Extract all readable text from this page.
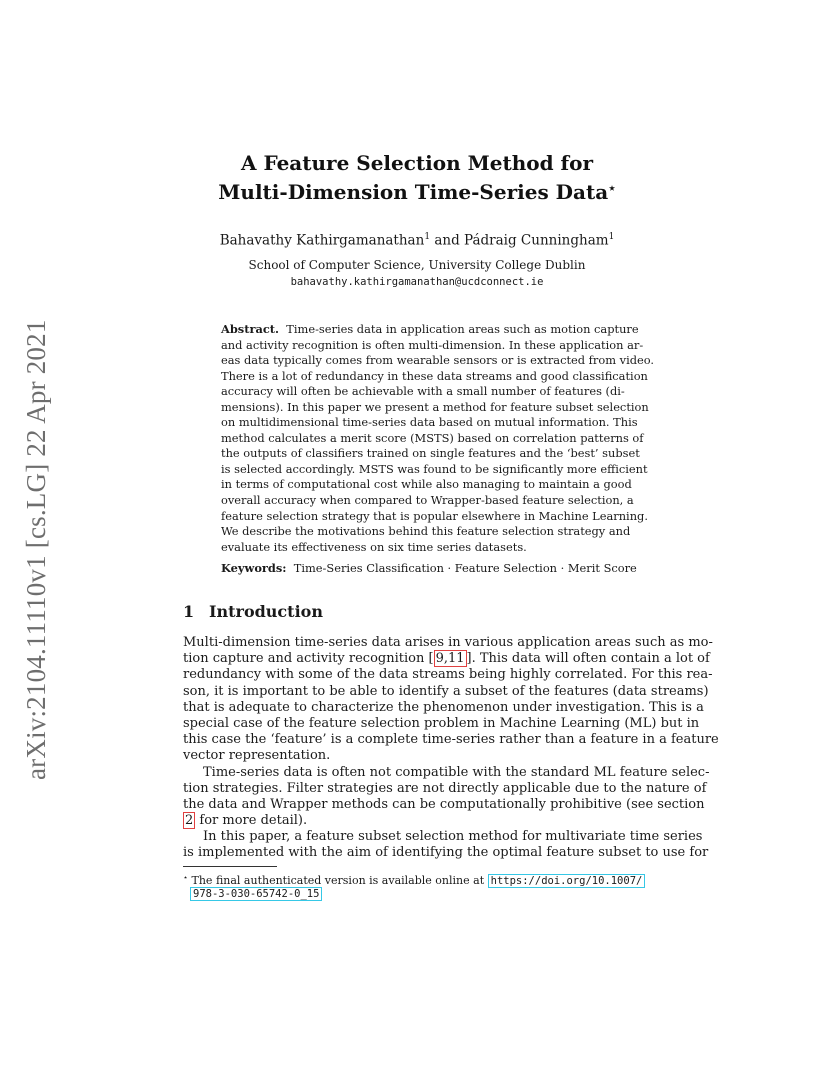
arXiv:2104.11110v1 [cs.LG] 22 Apr 2021
A Feature Selection Method for
Multi-Dimension Time-Series Data⋆
Bahavathy Kathirgamanathan$^1$ and Pádraig Cunningham$^1$
School of Computer Science, University College Dublin
bahavathy.kathirgamanathan@ucdconnect.ie
Abstract. Time-series data in application areas such as motion capture
and activity recognition is often multi-dimension. In these application ar-
eas data typically comes from wearable sensors or is extracted from video.
There is a lot of redundancy in these data streams and good classification
accuracy will often be achievable with a small number of features (di-
mensions). In this paper we present a method for feature subset selection
on multidimensional time-series data based on mutual information. This
method calculates a merit score (MSTS) based on correlation patterns of
the outputs of classifiers trained on single features and the ‘best’ subset
is selected accordingly. MSTS was found to be significantly more efficient
in terms of computational cost while also managing to maintain a good
overall accuracy when compared to Wrapper-based feature selection, a
feature selection strategy that is popular elsewhere in Machine Learning.
We describe the motivations behind this feature selection strategy and
evaluate its effectiveness on six time series datasets.
Keywords: Time-Series Classification · Feature Selection · Merit Score
1 Introduction
Multi-dimension time-series data arises in various application areas such as mo-
tion capture and activity recognition [ 9,11 ]. This data will often contain a lot of
redundancy with some of the data streams being highly correlated. For this rea-
son, it is important to be able to identify a subset of the features (data streams)
that is adequate to characterize the phenomenon under investigation. This is a
special case of the feature selection problem in Machine Learning (ML) but in
this case the ‘feature’ is a complete time-series rather than a feature in a feature
vector representation.
Time-series data is often not compatible with the standard ML feature selec-
tion strategies. Filter strategies are not directly applicable due to the nature of
the data and Wrapper methods can be computationally prohibitive (see section
2 for more detail).
In this paper, a feature subset selection method for multivariate time series
is implemented with the aim of identifying the optimal feature subset to use for
⋆ The final authenticated version is available online at https://doi.org/10.1007/
978-3-030-65742-0_15
